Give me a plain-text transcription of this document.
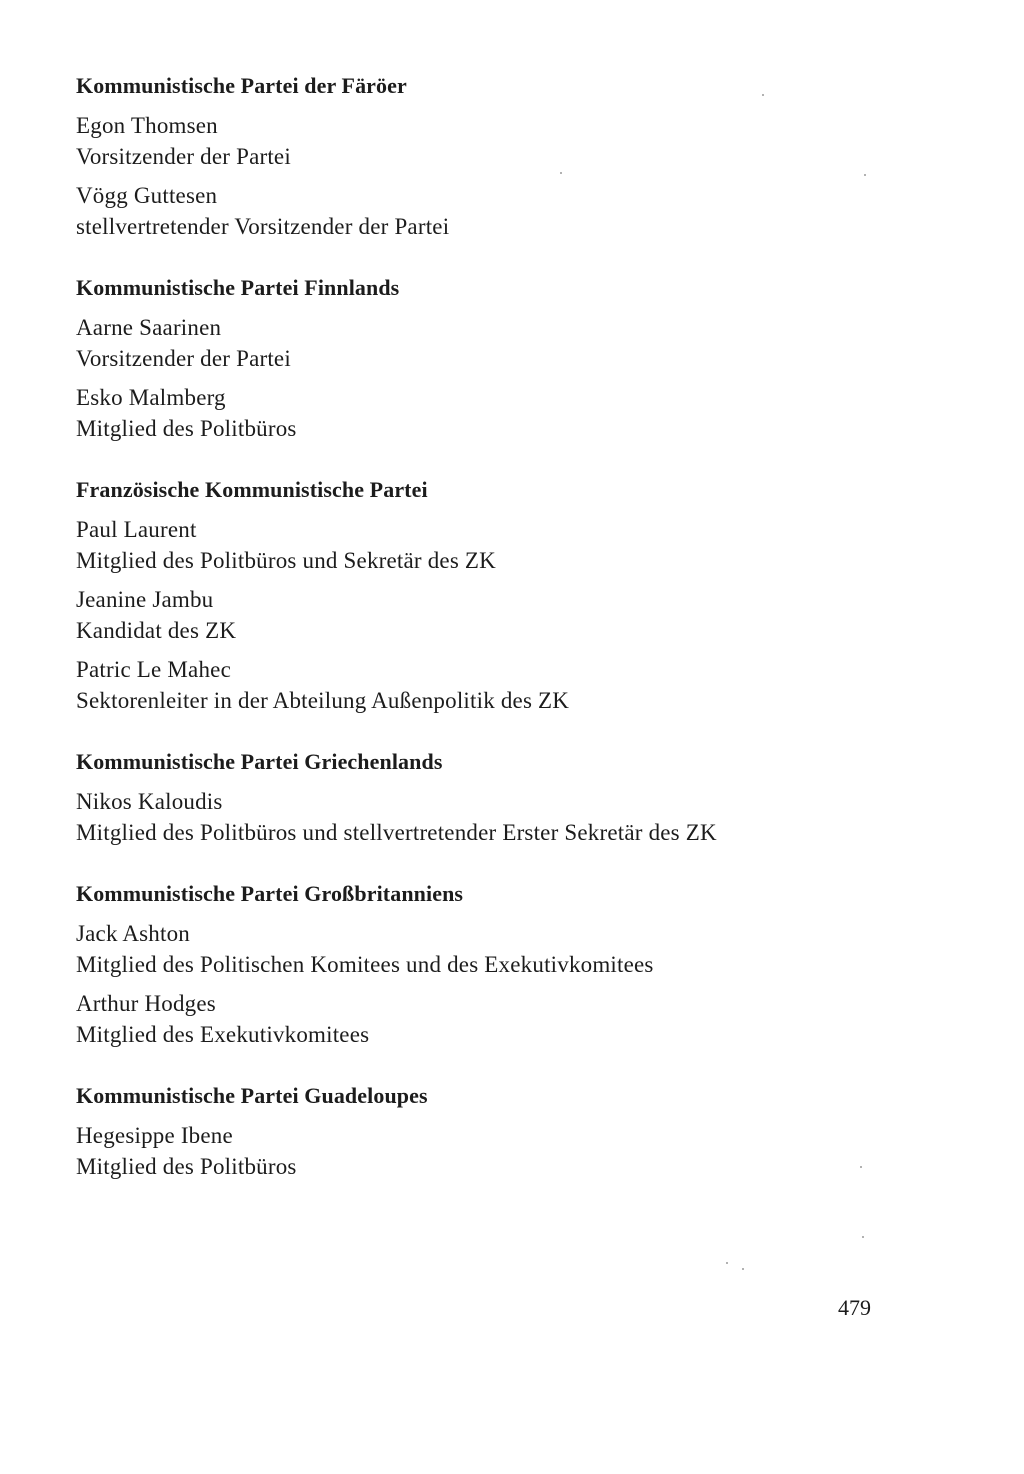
Kommunistische Partei der Färöer
Egon Thomsen
Vorsitzender der Partei
Vögg Guttesen
stellvertretender Vorsitzender der Partei
Kommunistische Partei Finnlands
Aarne Saarinen
Vorsitzender der Partei
Esko Malmberg
Mitglied des Politbüros
Französische Kommunistische Partei
Paul Laurent
Mitglied des Politbüros und Sekretär des ZK
Jeanine Jambu
Kandidat des ZK
Patric Le Mahec
Sektorenleiter in der Abteilung Außenpolitik des ZK
Kommunistische Partei Griechenlands
Nikos Kaloudis
Mitglied des Politbüros und stellvertretender Erster Sekretär des ZK
Kommunistische Partei Großbritanniens
Jack Ashton
Mitglied des Politischen Komitees und des Exekutivkomitees
Arthur Hodges
Mitglied des Exekutivkomitees
Kommunistische Partei Guadeloupes
Hegesippe Ibene
Mitglied des Politbüros
479
